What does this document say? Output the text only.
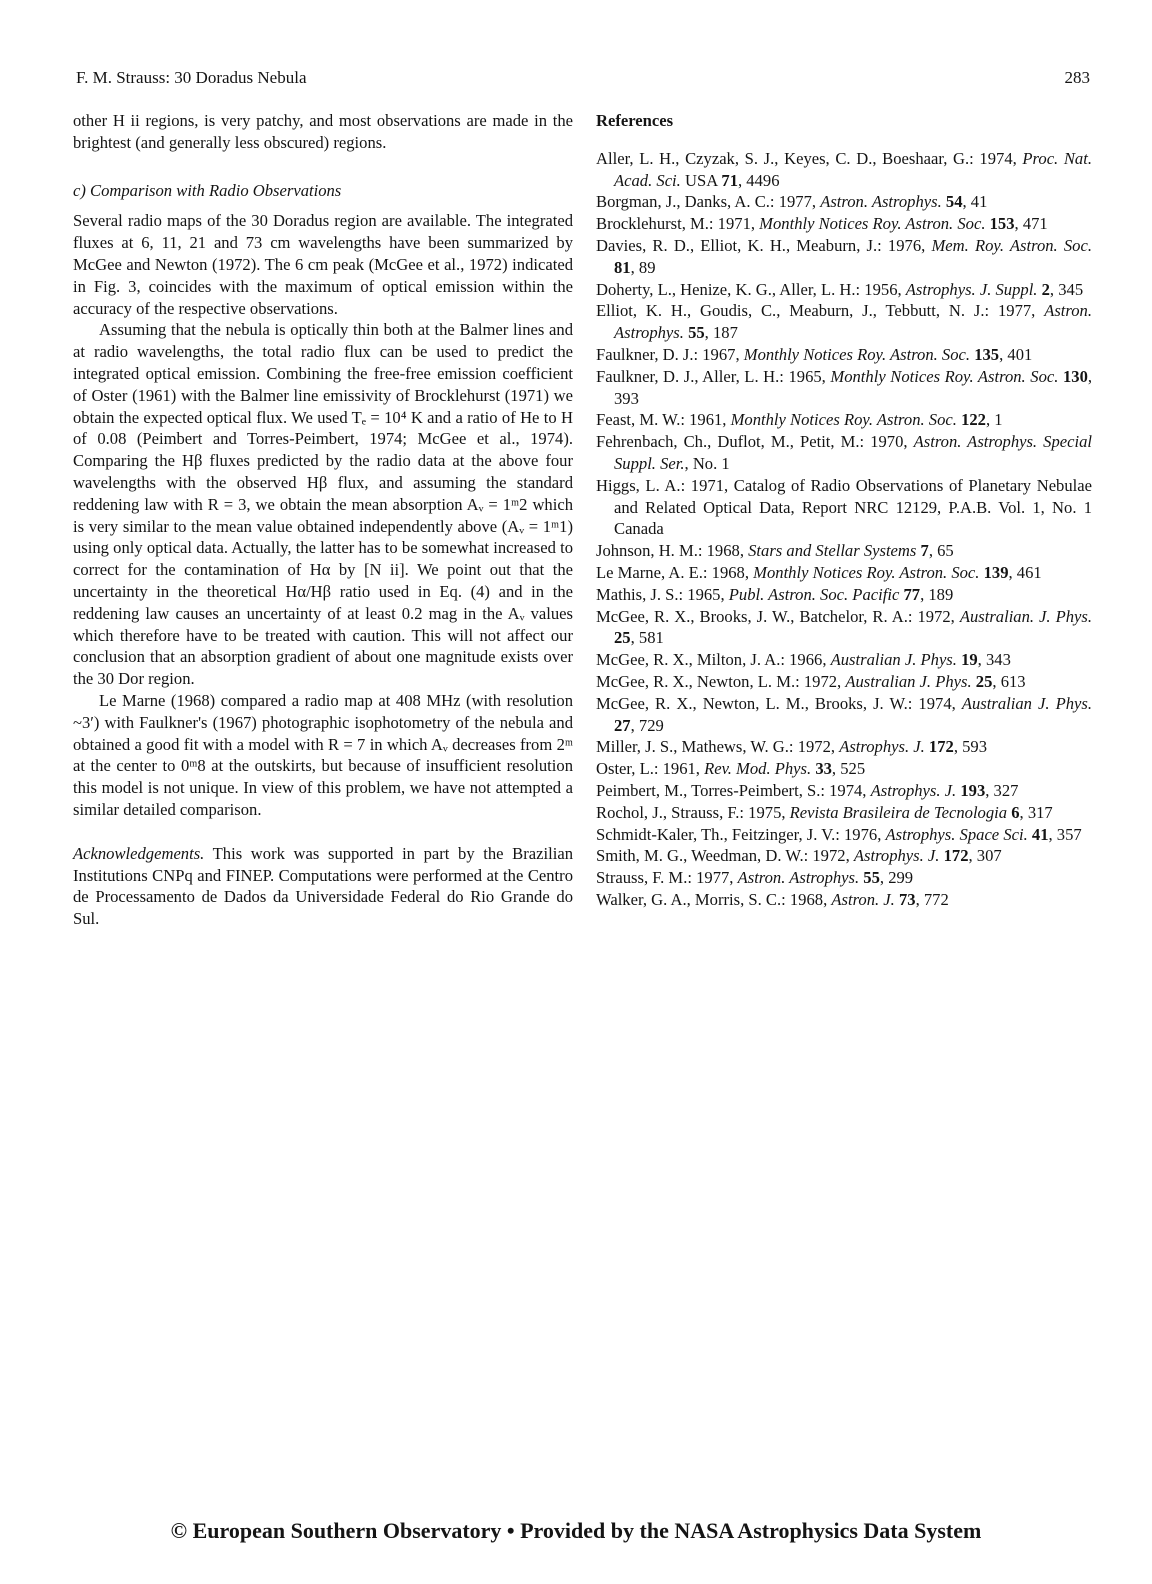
F. M. Strauss: 30 Doradus Nebula	283

other H ii regions, is very patchy, and most observations are made in the brightest (and generally less obscured) regions.

c) Comparison with Radio Observations

Several radio maps of the 30 Doradus region are available. The integrated fluxes at 6, 11, 21 and 73 cm wavelengths have been summarized by McGee and Newton (1972). The 6 cm peak (McGee et al., 1972) indicated in Fig. 3, coincides with the maximum of optical emission within the accuracy of the respective observations.

Assuming that the nebula is optically thin both at the Balmer lines and at radio wavelengths, the total radio flux can be used to predict the integrated optical emission. Combining the free-free emission coefficient of Oster (1961) with the Balmer line emissivity of Brocklehurst (1971) we obtain the expected optical flux. We used Tₑ = 10⁴ K and a ratio of He to H of 0.08 (Peimbert and Torres-Peimbert, 1974; McGee et al., 1974). Comparing the Hβ fluxes predicted by the radio data at the above four wavelengths with the observed Hβ flux, and assuming the standard reddening law with R = 3, we obtain the mean absorption Aᵥ = 1ᵐ2 which is very similar to the mean value obtained independently above (Aᵥ = 1ᵐ1) using only optical data. Actually, the latter has to be somewhat increased to correct for the contamination of Hα by [N ii]. We point out that the uncertainty in the theoretical Hα/Hβ ratio used in Eq. (4) and in the reddening law causes an uncertainty of at least 0.2 mag in the Aᵥ values which therefore have to be treated with caution. This will not affect our conclusion that an absorption gradient of about one magnitude exists over the 30 Dor region.

Le Marne (1968) compared a radio map at 408 MHz (with resolution ~3′) with Faulkner's (1967) photographic isophotometry of the nebula and obtained a good fit with a model with R = 7 in which Aᵥ decreases from 2ᵐ at the center to 0ᵐ8 at the outskirts, but because of insufficient resolution this model is not unique. In view of this problem, we have not attempted a similar detailed comparison.

Acknowledgements. This work was supported in part by the Brazilian Institutions CNPq and FINEP. Computations were performed at the Centro de Processamento de Dados da Universidade Federal do Rio Grande do Sul.

References

Aller, L. H., Czyzak, S. J., Keyes, C. D., Boeshaar, G.: 1974, Proc. Nat. Acad. Sci. USA 71, 4496
Borgman, J., Danks, A. C.: 1977, Astron. Astrophys. 54, 41
Brocklehurst, M.: 1971, Monthly Notices Roy. Astron. Soc. 153, 471
Davies, R. D., Elliot, K. H., Meaburn, J.: 1976, Mem. Roy. Astron. Soc. 81, 89
Doherty, L., Henize, K. G., Aller, L. H.: 1956, Astrophys. J. Suppl. 2, 345
Elliot, K. H., Goudis, C., Meaburn, J., Tebbutt, N. J.: 1977, Astron. Astrophys. 55, 187
Faulkner, D. J.: 1967, Monthly Notices Roy. Astron. Soc. 135, 401
Faulkner, D. J., Aller, L. H.: 1965, Monthly Notices Roy. Astron. Soc. 130, 393
Feast, M. W.: 1961, Monthly Notices Roy. Astron. Soc. 122, 1
Fehrenbach, Ch., Duflot, M., Petit, M.: 1970, Astron. Astrophys. Special Suppl. Ser., No. 1
Higgs, L. A.: 1971, Catalog of Radio Observations of Planetary Nebulae and Related Optical Data, Report NRC 12129, P.A.B. Vol. 1, No. 1 Canada
Johnson, H. M.: 1968, Stars and Stellar Systems 7, 65
Le Marne, A. E.: 1968, Monthly Notices Roy. Astron. Soc. 139, 461
Mathis, J. S.: 1965, Publ. Astron. Soc. Pacific 77, 189
McGee, R. X., Brooks, J. W., Batchelor, R. A.: 1972, Australian. J. Phys. 25, 581
McGee, R. X., Milton, J. A.: 1966, Australian J. Phys. 19, 343
McGee, R. X., Newton, L. M.: 1972, Australian J. Phys. 25, 613
McGee, R. X., Newton, L. M., Brooks, J. W.: 1974, Australian J. Phys. 27, 729
Miller, J. S., Mathews, W. G.: 1972, Astrophys. J. 172, 593
Oster, L.: 1961, Rev. Mod. Phys. 33, 525
Peimbert, M., Torres-Peimbert, S.: 1974, Astrophys. J. 193, 327
Rochol, J., Strauss, F.: 1975, Revista Brasileira de Tecnologia 6, 317
Schmidt-Kaler, Th., Feitzinger, J. V.: 1976, Astrophys. Space Sci. 41, 357
Smith, M. G., Weedman, D. W.: 1972, Astrophys. J. 172, 307
Strauss, F. M.: 1977, Astron. Astrophys. 55, 299
Walker, G. A., Morris, S. C.: 1968, Astron. J. 73, 772
© European Southern Observatory • Provided by the NASA Astrophysics Data System
